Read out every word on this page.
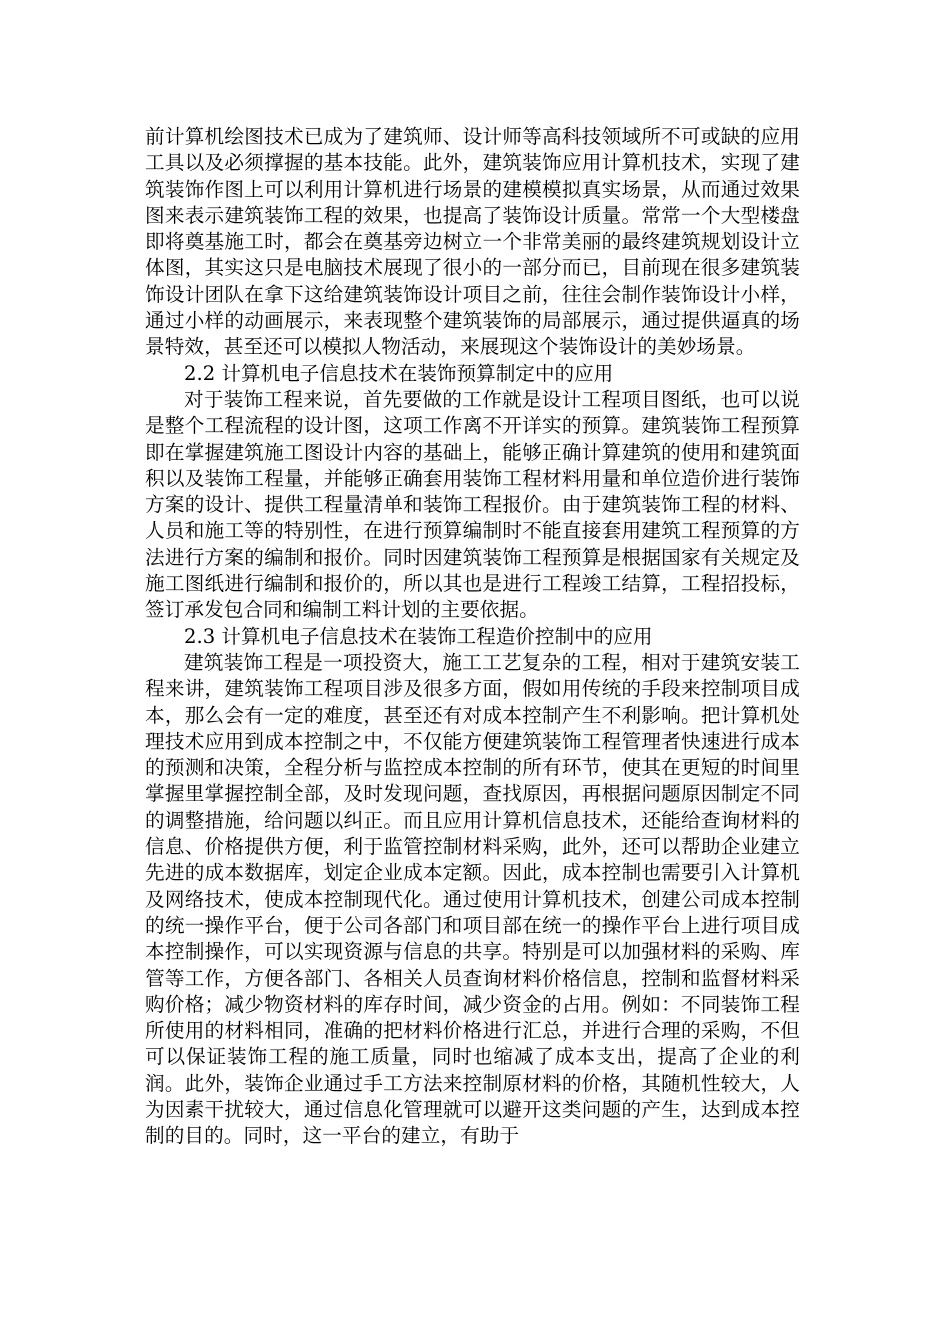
前计算机绘图技术已成为了建筑师、设计师等高科技领域所不可或缺的应用工具以及必须撑握的基本技能。此外，建筑装饰应用计算机技术，实现了建筑装饰作图上可以利用计算机进行场景的建模模拟真实场景，从而通过效果图来表示建筑装饰工程的效果，也提高了装饰设计质量。常常一个大型楼盘即将奠基施工时，都会在奠基旁边树立一个非常美丽的最终建筑规划设计立体图，其实这只是电脑技术展现了很小的一部分而已，目前现在很多建筑装饰设计团队在拿下这给建筑装饰设计项目之前，往往会制作装饰设计小样，通过小样的动画展示，来表现整个建筑装饰的局部展示，通过提供逼真的场景特效，甚至还可以模拟人物活动，来展现这个装饰设计的美妙场景。

2.2 计算机电子信息技术在装饰预算制定中的应用

对于装饰工程来说，首先要做的工作就是设计工程项目图纸，也可以说是整个工程流程的设计图，这项工作离不开详实的预算。建筑装饰工程预算即在掌握建筑施工图设计内容的基础上，能够正确计算建筑的使用和建筑面积以及装饰工程量，并能够正确套用装饰工程材料用量和单位造价进行装饰方案的设计、提供工程量清单和装饰工程报价。由于建筑装饰工程的材料、人员和施工等的特别性，在进行预算编制时不能直接套用建筑工程预算的方法进行方案的编制和报价。同时因建筑装饰工程预算是根据国家有关规定及施工图纸进行编制和报价的，所以其也是进行工程竣工结算，工程招投标，签订承发包合同和编制工料计划的主要依据。

2.3 计算机电子信息技术在装饰工程造价控制中的应用

建筑装饰工程是一项投资大，施工工艺复杂的工程，相对于建筑安装工程来讲，建筑装饰工程项目涉及很多方面，假如用传统的手段来控制项目成本，那么会有一定的难度，甚至还有对成本控制产生不利影响。把计算机处理技术应用到成本控制之中，不仅能方便建筑装饰工程管理者快速进行成本的预测和决策，全程分析与监控成本控制的所有环节，使其在更短的时间里掌握里掌握控制全部，及时发现问题，查找原因，再根据问题原因制定不同的调整措施，给问题以纠正。而且应用计算机信息技术，还能给查询材料的信息、价格提供方便，利于监管控制材料采购，此外，还可以帮助企业建立先进的成本数据库，划定企业成本定额。因此，成本控制也需要引入计算机及网络技术，使成本控制现代化。通过使用计算机技术，创建公司成本控制的统一操作平台，便于公司各部门和项目部在统一的操作平台上进行项目成本控制操作，可以实现资源与信息的共享。特别是可以加强材料的采购、库管等工作，方便各部门、各相关人员查询材料价格信息，控制和监督材料采购价格；减少物资材料的库存时间，减少资金的占用。例如：不同装饰工程所使用的材料相同，准确的把材料价格进行汇总，并进行合理的采购，不但可以保证装饰工程的施工质量，同时也缩减了成本支出，提高了企业的利润。此外，装饰企业通过手工方法来控制原材料的价格，其随机性较大，人为因素干扰较大，通过信息化管理就可以避开这类问题的产生，达到成本控制的目的。同时，这一平台的建立，有助于
